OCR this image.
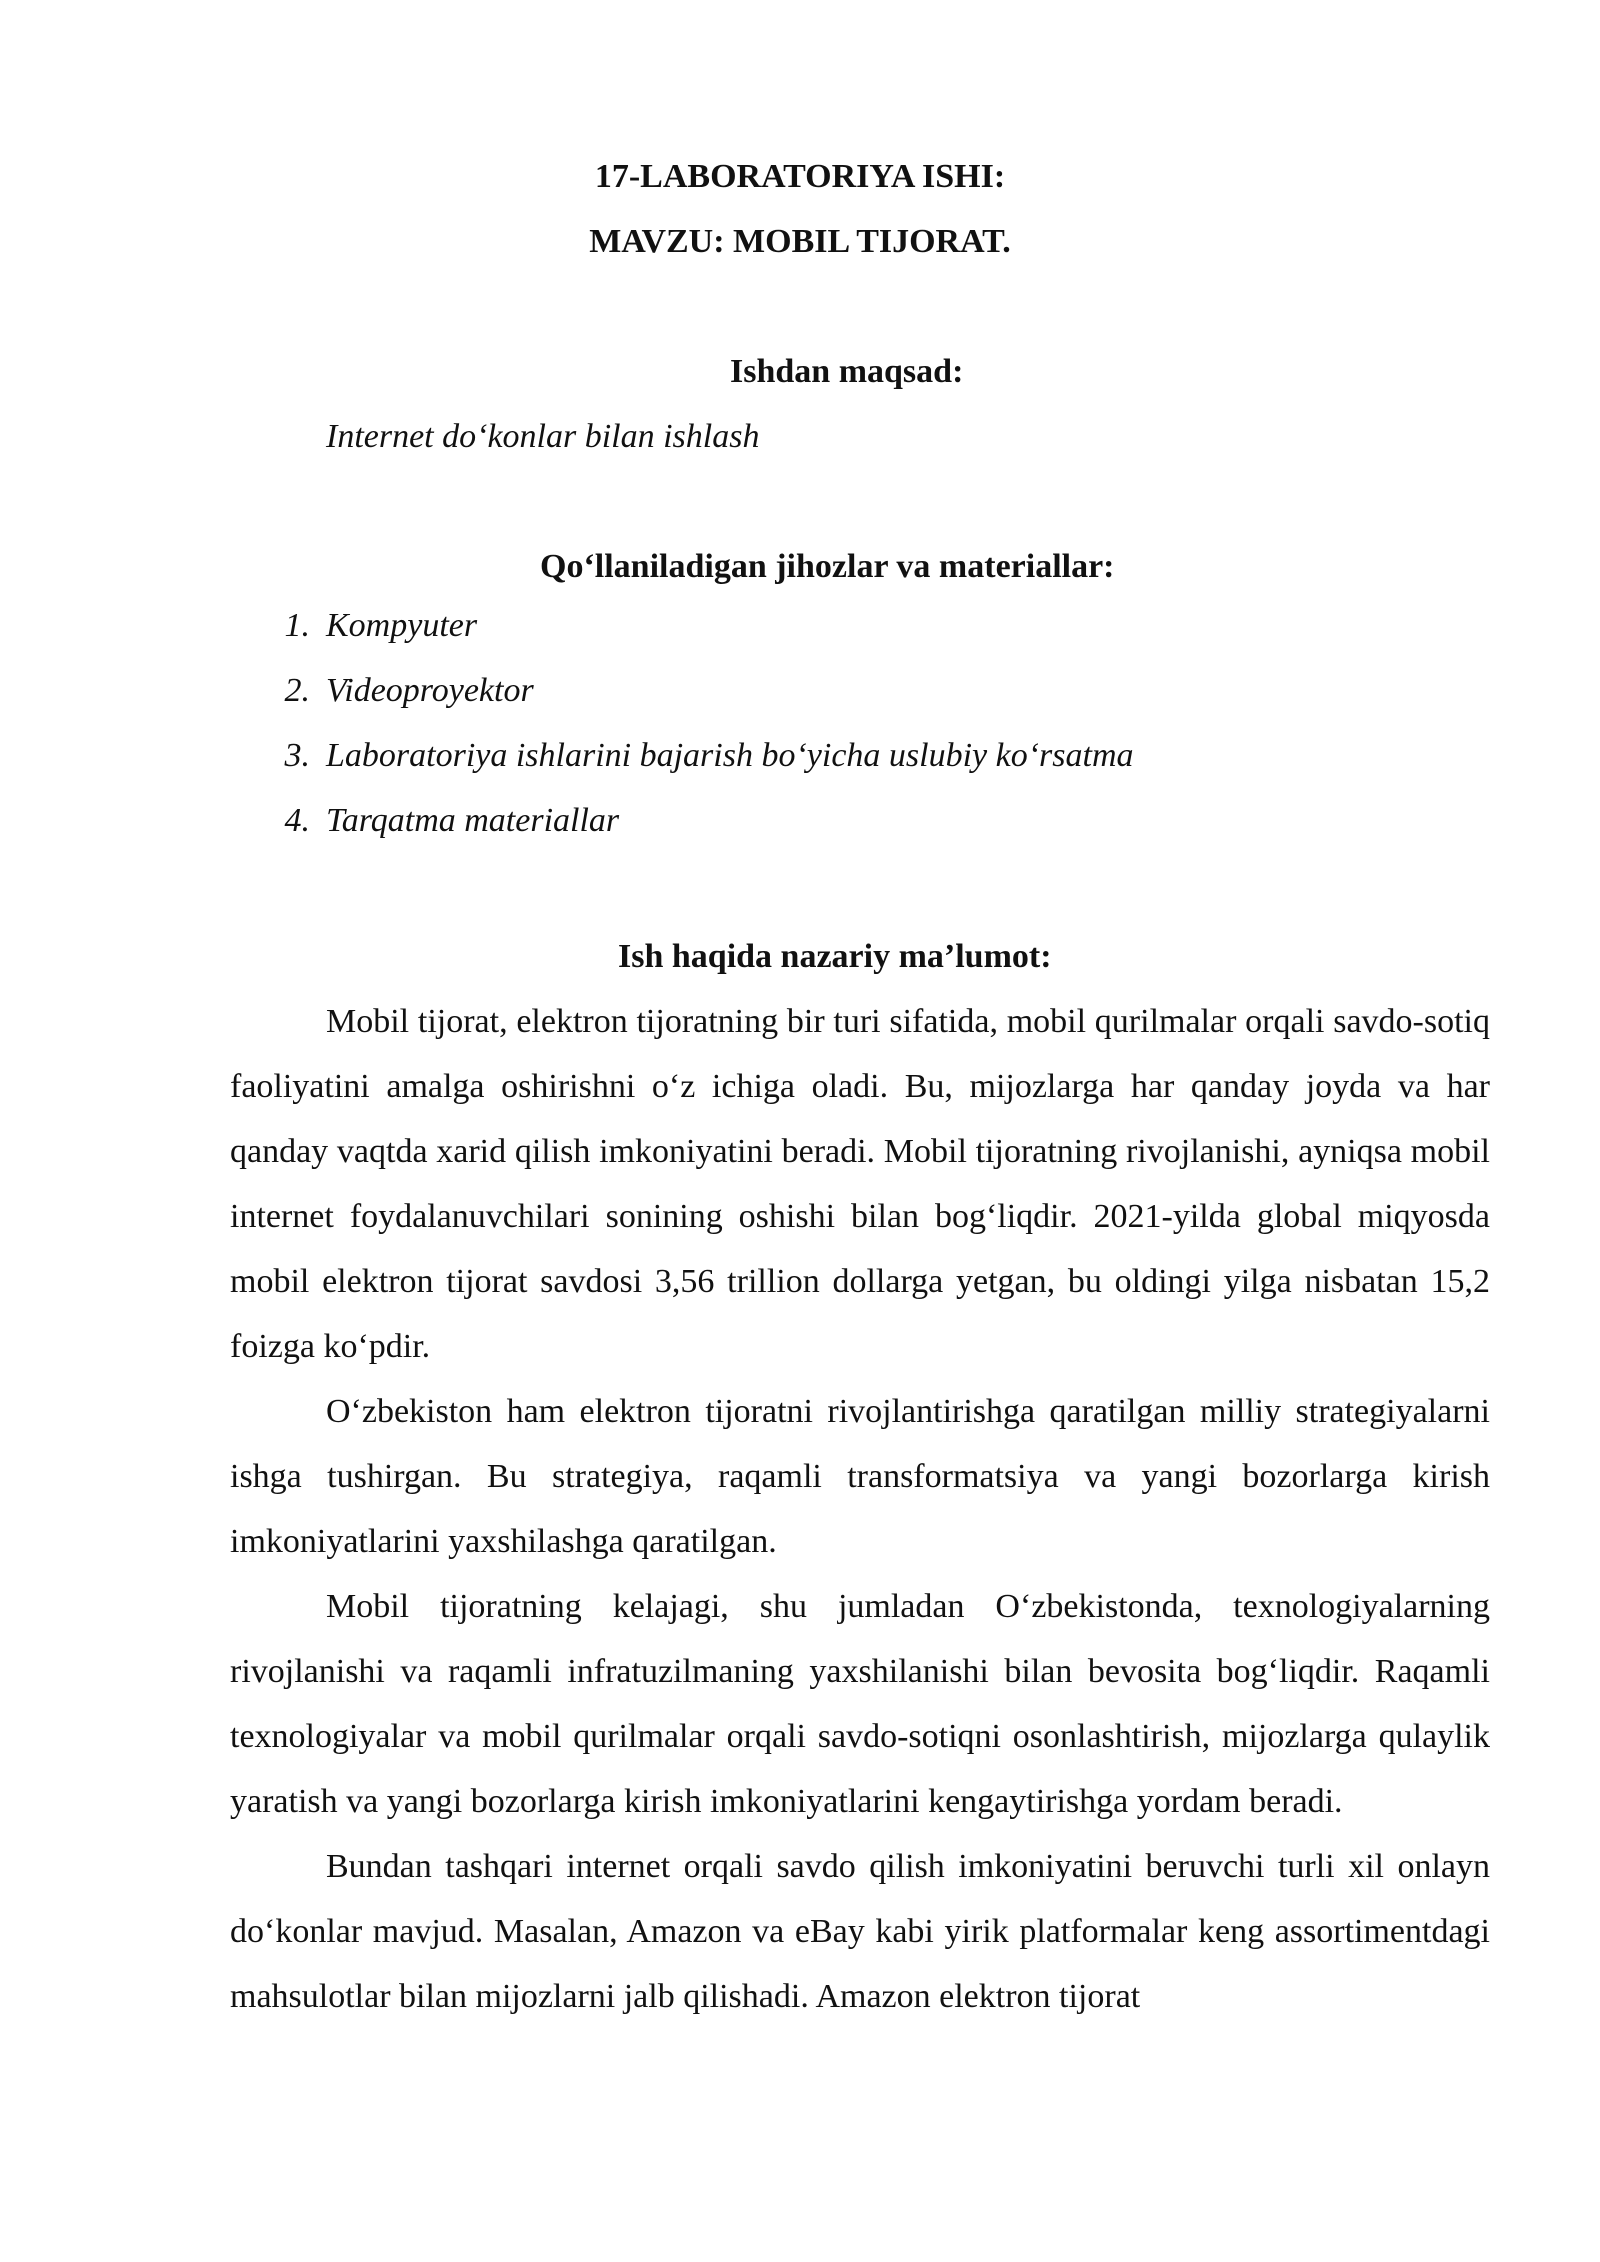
17-LABORATORIYA ISHI:
MAVZU: MOBIL TIJORAT.
Ishdan maqsad:
Internet do‘konlar bilan ishlash
Qo‘llaniladigan jihozlar va materiallar:
1. Kompyuter
2. Videoproyektor
3. Laboratoriya ishlarini bajarish bo‘yicha uslubiy ko‘rsatma
4. Tarqatma materiallar
Ish haqida nazariy ma’lumot:

Mobil tijorat, elektron tijoratning bir turi sifatida, mobil qurilmalar orqali savdo-sotiq faoliyatini amalga oshirishni o‘z ichiga oladi. Bu, mijozlarga har qanday joyda va har qanday vaqtda xarid qilish imkoniyatini beradi. Mobil tijoratning rivojlanishi, ayniqsa mobil internet foydalanuvchilari sonining oshishi bilan bog‘liqdir. 2021-yilda global miqyosda mobil elektron tijorat savdosi 3,56 trillion dollarga yetgan, bu oldingi yilga nisbatan 15,2 foizga ko‘pdir.

O‘zbekiston ham elektron tijoratni rivojlantirishga qaratilgan milliy strategiyalarni ishga tushirgan. Bu strategiya, raqamli transformatsiya va yangi bozorlarga kirish imkoniyatlarini yaxshilashga qaratilgan.

Mobil tijoratning kelajagi, shu jumladan O‘zbekistonda, texnologiyalarning rivojlanishi va raqamli infratuzilmaning yaxshilanishi bilan bevosita bog‘liqdir. Raqamli texnologiyalar va mobil qurilmalar orqali savdo-sotiqni osonlashtirish, mijozlarga qulaylik yaratish va yangi bozorlarga kirish imkoniyatlarini kengaytirishga yordam beradi.

Bundan tashqari internet orqali savdo qilish imkoniyatini beruvchi turli xil onlayn do‘konlar mavjud. Masalan, Amazon va eBay kabi yirik platformalar keng assortimentdagi mahsulotlar bilan mijozlarni jalb qilishadi. Amazon elektron tijorat
